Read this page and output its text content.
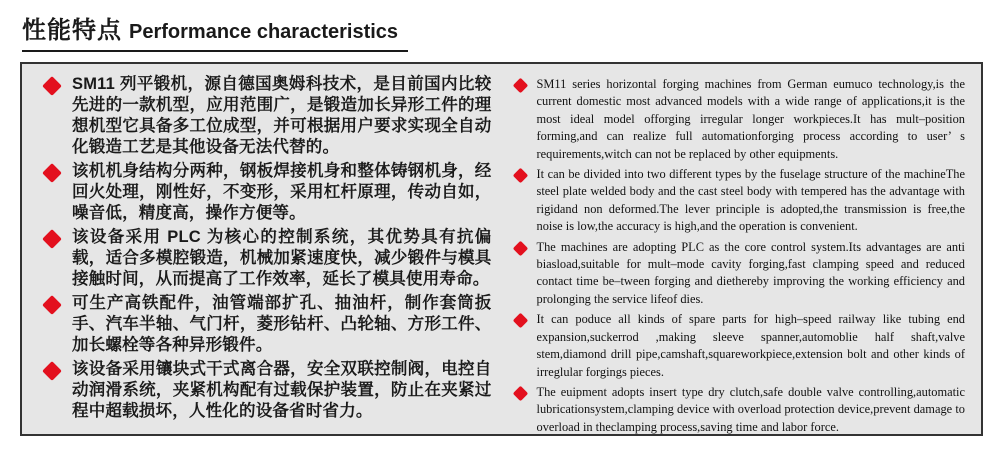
性能特点 Performance characteristics

SM11 列平锻机，源自德国奥姆科技术，是目前国内比较先进的一款机型，应用范围广，是锻造加长异形工件的理想机型它具备多工位成型，并可根据用户要求实现全自动化锻造工艺是其他设备无法代替的。

该机机身结构分两种，钢板焊接机身和整体铸钢机身，经回火处理，刚性好，不变形，采用杠杆原理，传动自如，噪音低，精度高，操作方便等。

该设备采用 PLC 为核心的控制系统，其优势具有抗偏载，适合多模腔锻造，机械加紧速度快，减少锻件与模具接触时间，从而提高了工作效率，延长了模具使用寿命。

可生产高铁配件，油管端部扩孔、抽油杆，制作套筒扳手、汽车半轴、气门杆，菱形钻杆、凸轮轴、方形工件、加长螺栓等各种异形锻件。

该设备采用镶块式干式离合器，安全双联控制阀，电控自动润滑系统，夹紧机构配有过载保护装置，防止在夹紧过程中超载损坏，人性化的设备省时省力。

SM11 series horizontal forging machines from German eumuco technology,is the current domestic most advanced models with a wide range of applications,it is the most ideal model offorging irregular longer workpieces.It has mult–position forming,and can realize full automationforging process according to user’ s requirements,witch can not be replaced by other equipments.

It can be divided into two different types by the fuselage structure of the machineThe steel plate welded body and the cast steel body with tempered has the advantage with rigidand non deformed.The lever principle is adopted,the transmission is free,the noise is low,the accuracy is high,and the operation is convenient.

The machines are adopting PLC as the core control system.Its advantages are anti biasload,suitable for mult–mode cavity forging,fast clamping speed and reduced contact time be–tween forging and diethereby improving the working efficiency and prolonging the service lifeof dies.

It can poduce all kinds of spare parts for high–speed railway like tubing end expansion,suckerrod ,making sleeve spanner,automoblie half shaft,valve stem,diamond drill pipe,camshaft,squareworkpiece,extension bolt and other kinds of irreglular forgings pieces.

The euipment adopts insert type dry clutch,safe double valve controlling,automatic lubricationsystem,clamping device with overload protection device,prevent damage to overload in theclamping process,saving time and labor force.
